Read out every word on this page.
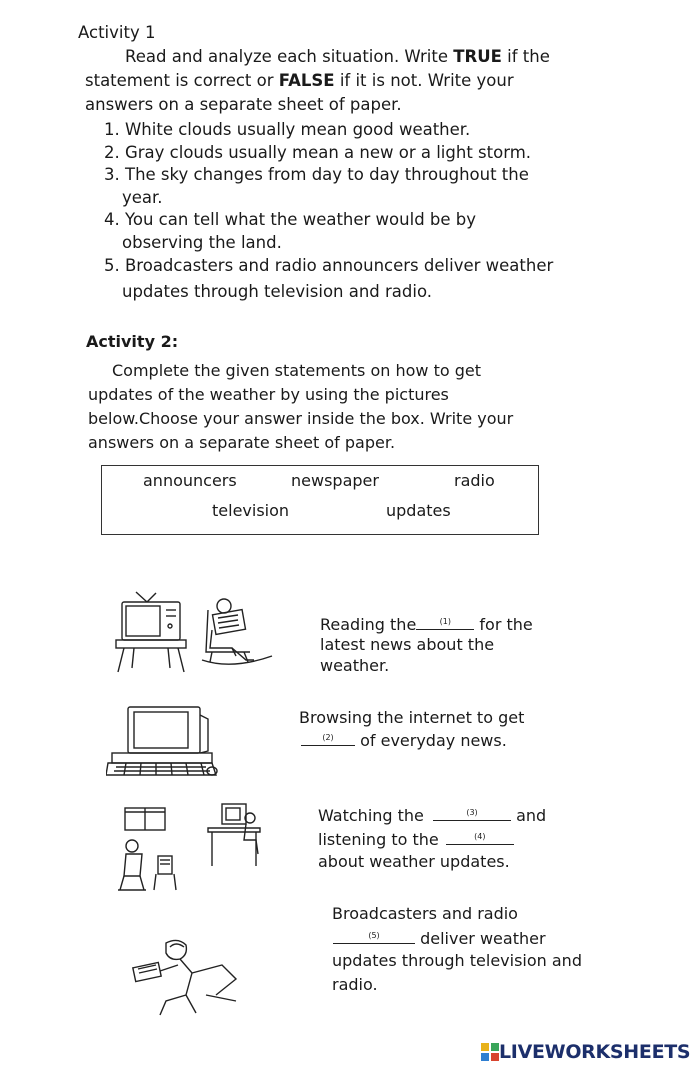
Activity 1
Read and analyze each situation. Write TRUE if the
statement is correct or FALSE if it is not. Write your
answers on a separate sheet of paper.
1. White clouds usually mean good weather.
2. Gray clouds usually mean a new or a light storm.
3. The sky changes from day to day throughout the
year.
4. You can tell what the weather would be by
observing the land.
5. Broadcasters and radio announcers deliver weather
updates through television and radio.
Activity 2:
Complete the given statements on how to get
updates of the weather by using the pictures
below.Choose your answer inside the box. Write your
answers on a separate sheet of paper.
announcers	newspaper	radio
television	updates
Reading the	(1)	for the
latest news about the
weather.
Browsing the internet to get
(2)	of everyday news.
Watching the	(3)	and
listening to the	(4)
about weather updates.
Broadcasters and radio
(5)	deliver weather
updates through television and
radio.
LIVEWORKSHEETS
